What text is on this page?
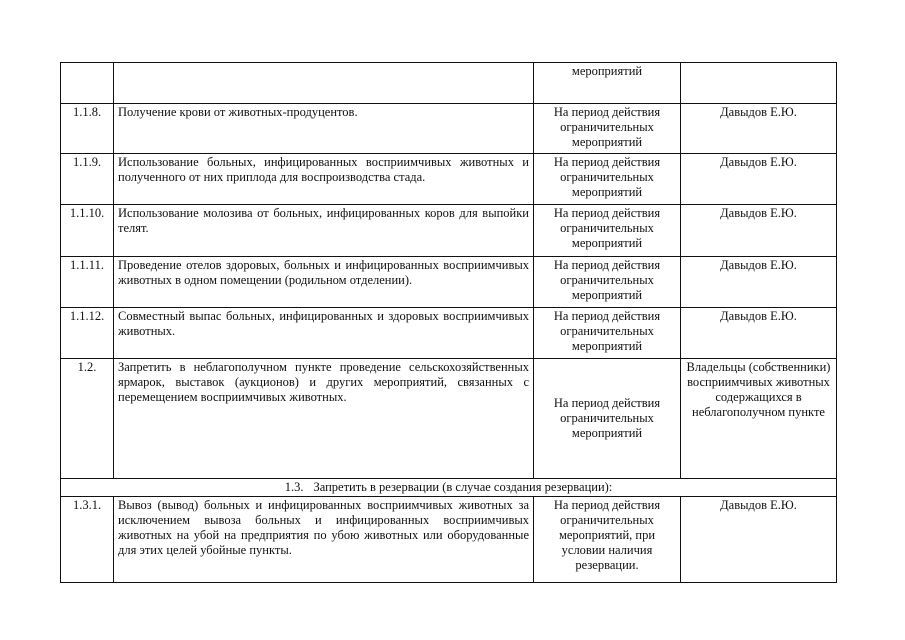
		мероприятий	
1.1.8.	Получение крови от животных-продуцентов.	На период действия ограничительных мероприятий	Давыдов Е.Ю.
1.1.9.	Использование больных, инфицированных восприимчивых животных и полученного от них приплода для воспроизводства стада.	На период действия ограничительных мероприятий	Давыдов Е.Ю.
1.1.10.	Использование молозива от больных, инфицированных коров для выпойки телят.	На период действия ограничительных мероприятий	Давыдов Е.Ю.
1.1.11.	Проведение отелов здоровых, больных и инфицированных восприимчивых животных в одном помещении (родильном отделении).	На период действия ограничительных мероприятий	Давыдов Е.Ю.
1.1.12.	Совместный выпас больных, инфицированных и здоровых восприимчивых животных.	На период действия ограничительных мероприятий	Давыдов Е.Ю.
1.2.	Запретить в неблагополучном пункте проведение сельскохозяйственных ярмарок, выставок (аукционов) и других мероприятий, связанных с перемещением восприимчивых животных.	На период действия ограничительных мероприятий	Владельцы (собственники) восприимчивых животных содержащихся в неблагополучном пункте
1.3. Запретить в резервации (в случае создания резервации):			
1.3.1.	Вывоз (вывод) больных и инфицированных восприимчивых животных за исключением вывоза больных и инфицированных восприимчивых животных на убой на предприятия по убою животных или оборудованные для этих целей убойные пункты.	На период действия ограничительных мероприятий, при условии наличия резервации.	Давыдов Е.Ю.
